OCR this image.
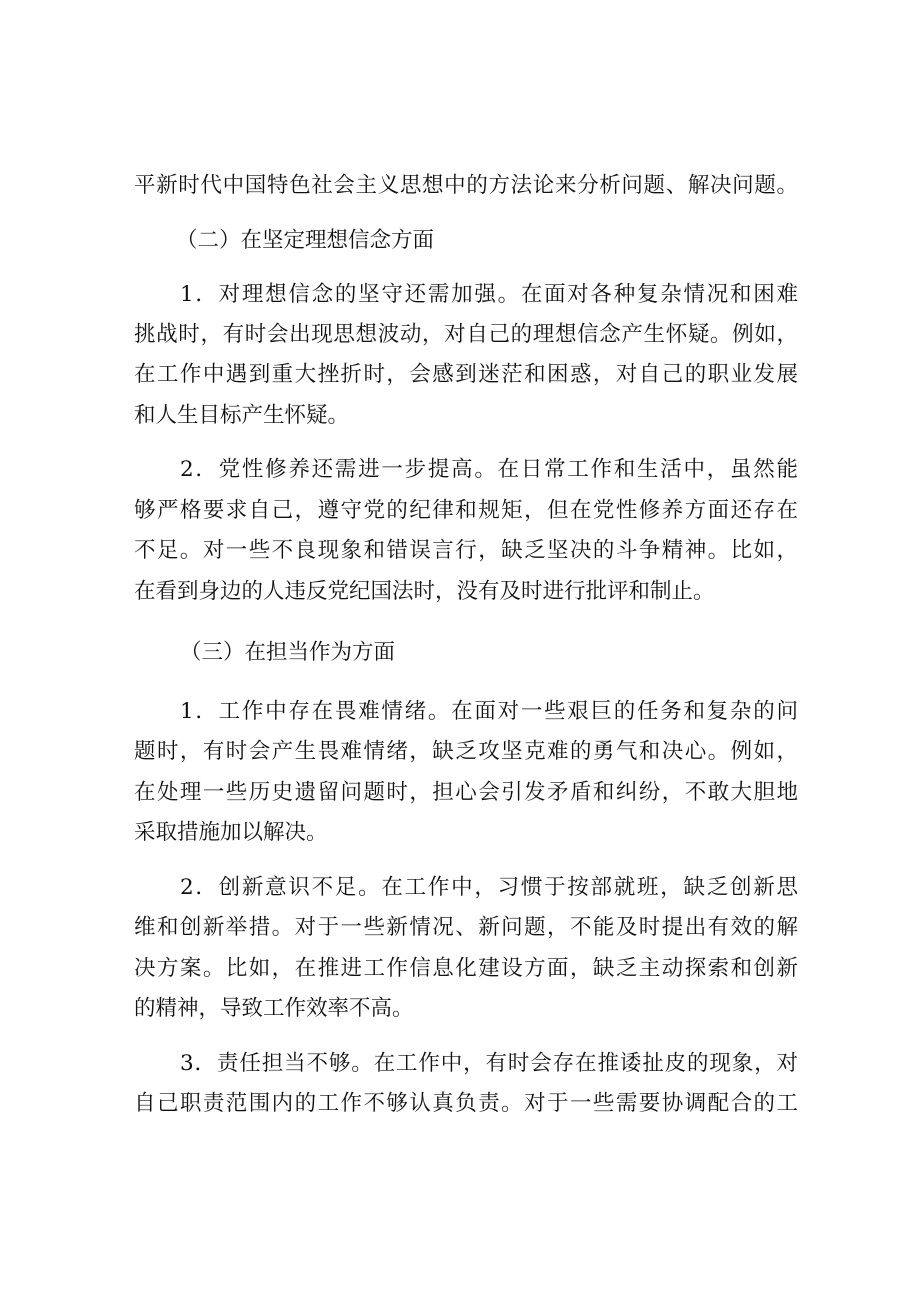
平新时代中国特色社会主义思想中的方法论来分析问题、解决问题。
（二）在坚定理想信念方面
1．对理想信念的坚守还需加强。在面对各种复杂情况和困难
挑战时，有时会出现思想波动，对自己的理想信念产生怀疑。例如，
在工作中遇到重大挫折时，会感到迷茫和困惑，对自己的职业发展
和人生目标产生怀疑。
2．党性修养还需进一步提高。在日常工作和生活中，虽然能
够严格要求自己，遵守党的纪律和规矩，但在党性修养方面还存在
不足。对一些不良现象和错误言行，缺乏坚决的斗争精神。比如，
在看到身边的人违反党纪国法时，没有及时进行批评和制止。
（三）在担当作为方面
1．工作中存在畏难情绪。在面对一些艰巨的任务和复杂的问
题时，有时会产生畏难情绪，缺乏攻坚克难的勇气和决心。例如，
在处理一些历史遗留问题时，担心会引发矛盾和纠纷，不敢大胆地
采取措施加以解决。
2．创新意识不足。在工作中，习惯于按部就班，缺乏创新思
维和创新举措。对于一些新情况、新问题，不能及时提出有效的解
决方案。比如，在推进工作信息化建设方面，缺乏主动探索和创新
的精神，导致工作效率不高。
3．责任担当不够。在工作中，有时会存在推诿扯皮的现象，对
自己职责范围内的工作不够认真负责。对于一些需要协调配合的工
